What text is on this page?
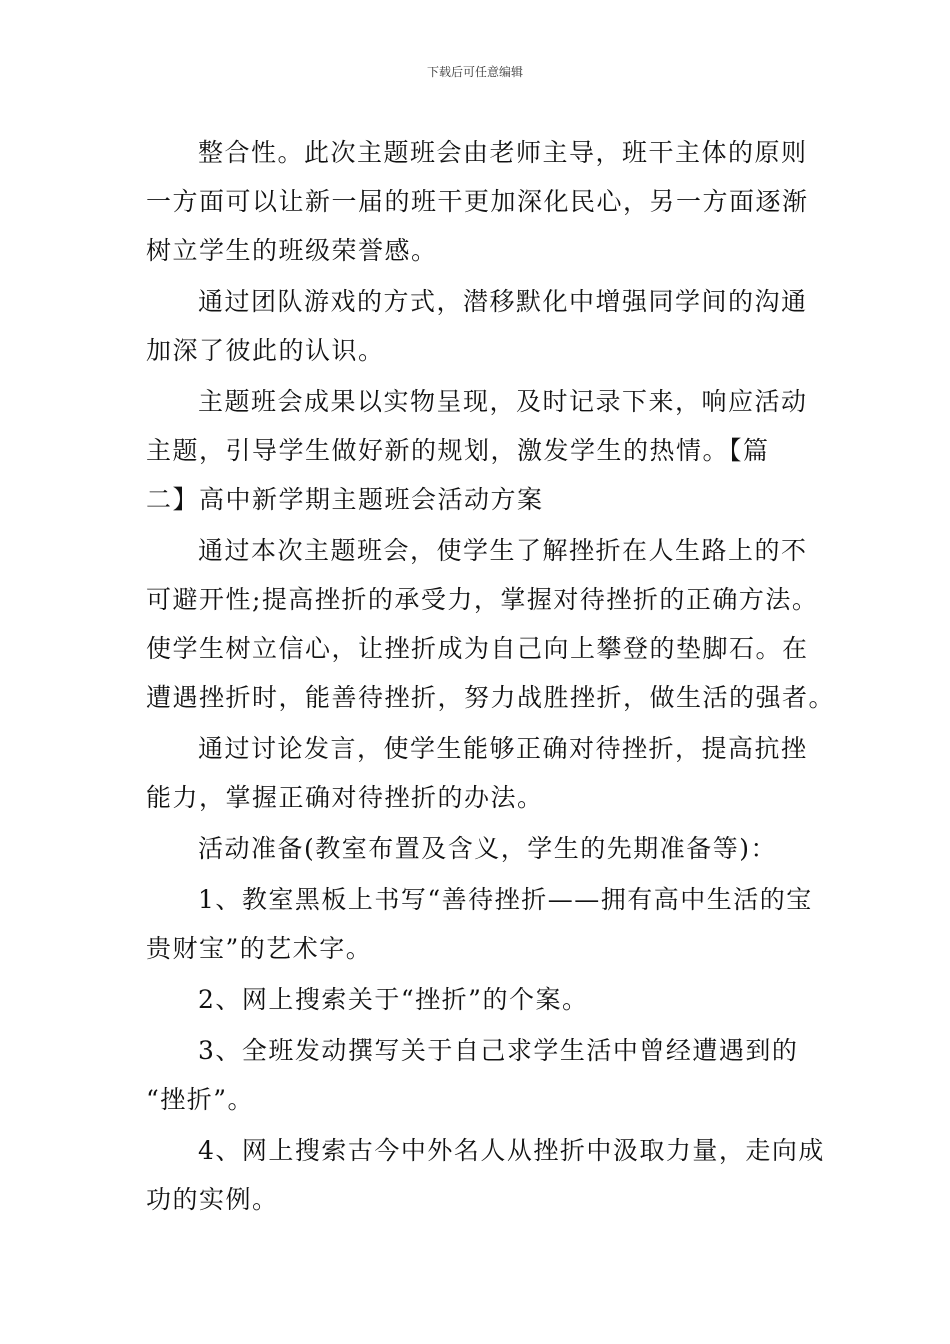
下载后可任意编辑

整合性。此次主题班会由老师主导，班干主体的原则
一方面可以让新一届的班干更加深化民心，另一方面逐渐
树立学生的班级荣誉感。

通过团队游戏的方式，潜移默化中增强同学间的沟通
加深了彼此的认识。

主题班会成果以实物呈现，及时记录下来，响应活动
主题，引导学生做好新的规划，激发学生的热情。【篇
二】高中新学期主题班会活动方案

通过本次主题班会，使学生了解挫折在人生路上的不
可避开性;提高挫折的承受力，掌握对待挫折的正确方法。
使学生树立信心，让挫折成为自己向上攀登的垫脚石。在
遭遇挫折时，能善待挫折，努力战胜挫折，做生活的强者。

通过讨论发言，使学生能够正确对待挫折，提高抗挫
能力，掌握正确对待挫折的办法。

活动准备(教室布置及含义，学生的先期准备等)：

1、教室黑板上书写“善待挫折——拥有高中生活的宝
贵财宝”的艺术字。

2、网上搜索关于“挫折”的个案。

3、全班发动撰写关于自己求学生活中曾经遭遇到的
“挫折”。

4、网上搜索古今中外名人从挫折中汲取力量，走向成
功的实例。
